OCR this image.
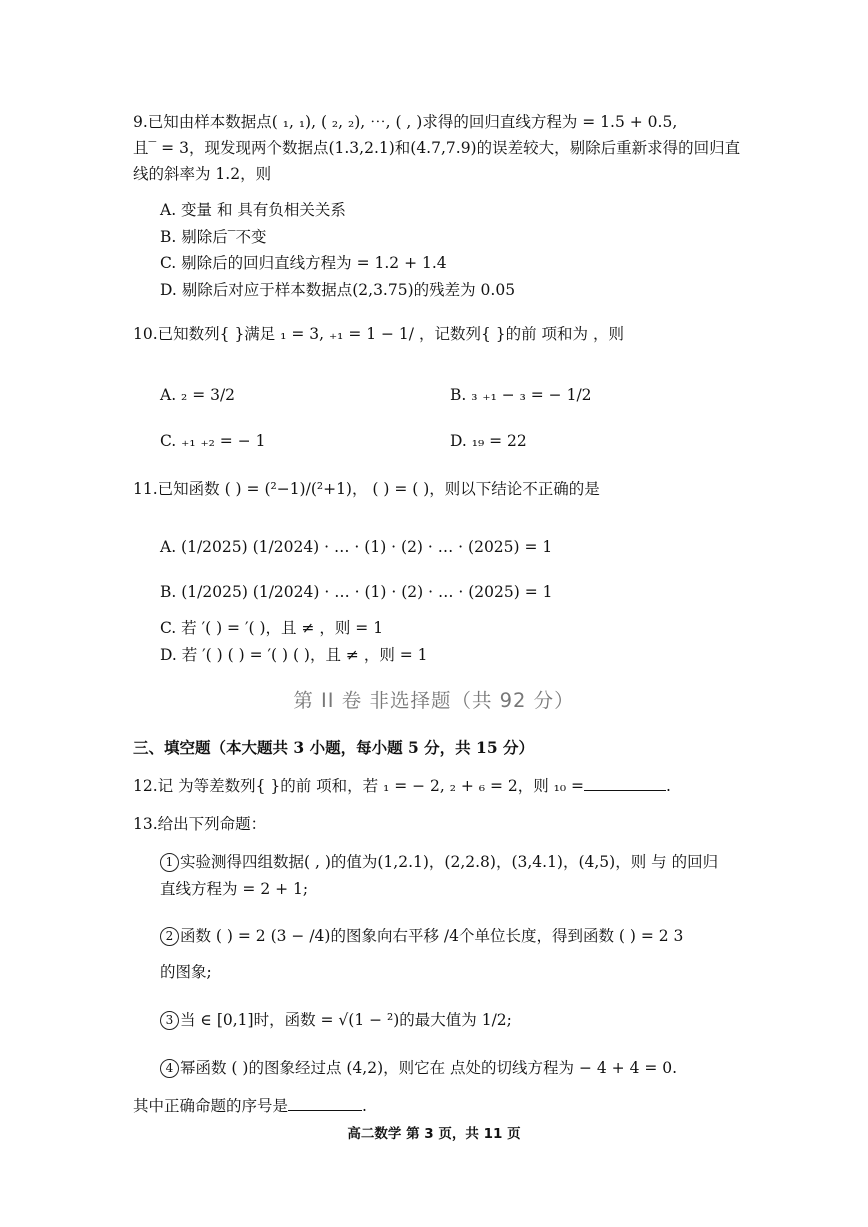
9.已知由样本数据点( ₁, ₁), ( ₂, ₂), ⋯, ( , )求得的回归直线方程为 = 1.5 + 0.5,
且‾ = 3，现发现两个数据点(1.3,2.1)和(4.7,7.9)的误差较大，剔除后重新求得的回归直
线的斜率为 1.2，则
A. 变量 和 具有负相关关系
B. 剔除后‾不变
C. 剔除后的回归直线方程为 = 1.2 + 1.4
D. 剔除后对应于样本数据点(2,3.75)的残差为 0.05
10.已知数列{ }满足 ₁ = 3, ₊₁ = 1 − 1/ ，记数列{ }的前 项和为 ，则
A. ₂ = 3/2	B. ₃ ₊₁ − ₃ = − 1/2
C. ₊₁ ₊₂ = − 1	D. ₁₉ = 22
11.已知函数 ( ) = (²−1)/(²+1)， ( ) = ( )，则以下结论不正确的是
A. (1/2025) (1/2024) · … · (1) · (2) · … · (2025) = 1
B. (1/2025) (1/2024) · … · (1) · (2) · … · (2025) = 1
C. 若 ′( ) = ′( )，且 ≠ ，则 = 1
D. 若 ′( ) ( ) = ′( ) ( )，且 ≠ ，则 = 1
第 II 卷 非选择题（共 92 分）
三、填空题（本大题共 3 小题，每小题 5 分，共 15 分）
12.记 为等差数列{ }的前 项和，若 ₁ = − 2, ₂ + ₆ = 2，则 ₁₀ =	.
13.给出下列命题：
1 实验测得四组数据( , )的值为(1,2.1)，(2,2.8)，(3,4.1)，(4,5)，则 与 的回归
直线方程为 = 2 + 1;
2 函数 ( ) = 2 (3 − /4)的图象向右平移 /4个单位长度，得到函数 ( ) = 2 3
的图象;
3 当 ∈ [0,1]时，函数 = √(1 − ²)的最大值为 1/2;
4 幂函数 ( )的图象经过点 (4,2)，则它在 点处的切线方程为 − 4 + 4 = 0.
其中正确命题的序号是	.
高二数学 第 3 页，共 11 页
